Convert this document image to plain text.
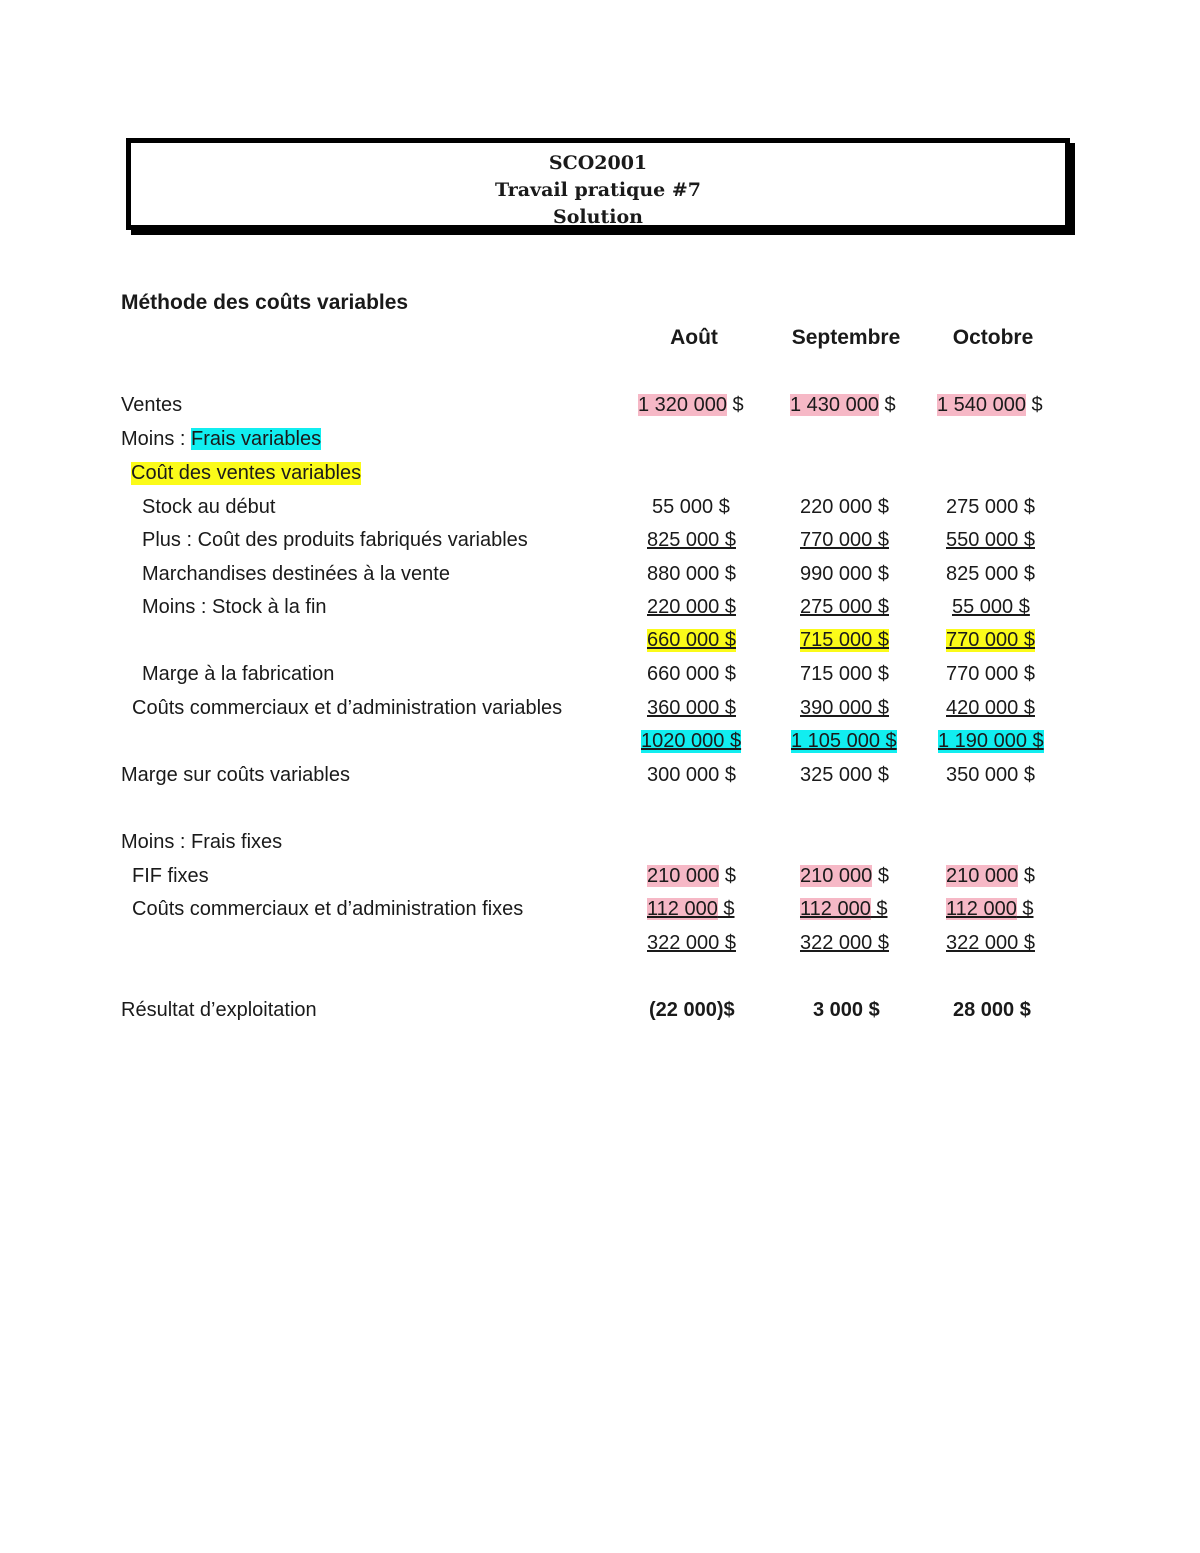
SCO2001
Travail pratique #7
Solution
Méthode des coûts variables
Août	Septembre	Octobre
Ventes	1 320 000 $ 1 430 000 $ 1 540 000 $
Moins : Frais variables
Coût des ventes variables
Stock au début	55 000 $	220 000 $	275 000 $
Plus : Coût des produits fabriqués variables	825 000 $	770 000 $	550 000 $
Marchandises destinées à la vente	880 000 $	990 000 $	825 000 $
Moins : Stock à la fin	220 000 $	275 000 $	55 000 $
660 000 $	715 000 $	770 000 $
Marge à la fabrication	660 000 $	715 000 $	770 000 $
Coûts commerciaux et d’administration variables	360 000 $	390 000 $	420 000 $
1020 000 $ 1 105 000 $ 1 190 000 $
Marge sur coûts variables	300 000 $	325 000 $	350 000 $
Moins : Frais fixes
FIF fixes	210 000 $	210 000 $	210 000 $
Coûts commerciaux et d’administration fixes	112 000 $	112 000 $	112 000 $
322 000 $	322 000 $	322 000 $
Résultat d’exploitation	(22 000)$	3 000 $	28 000 $
